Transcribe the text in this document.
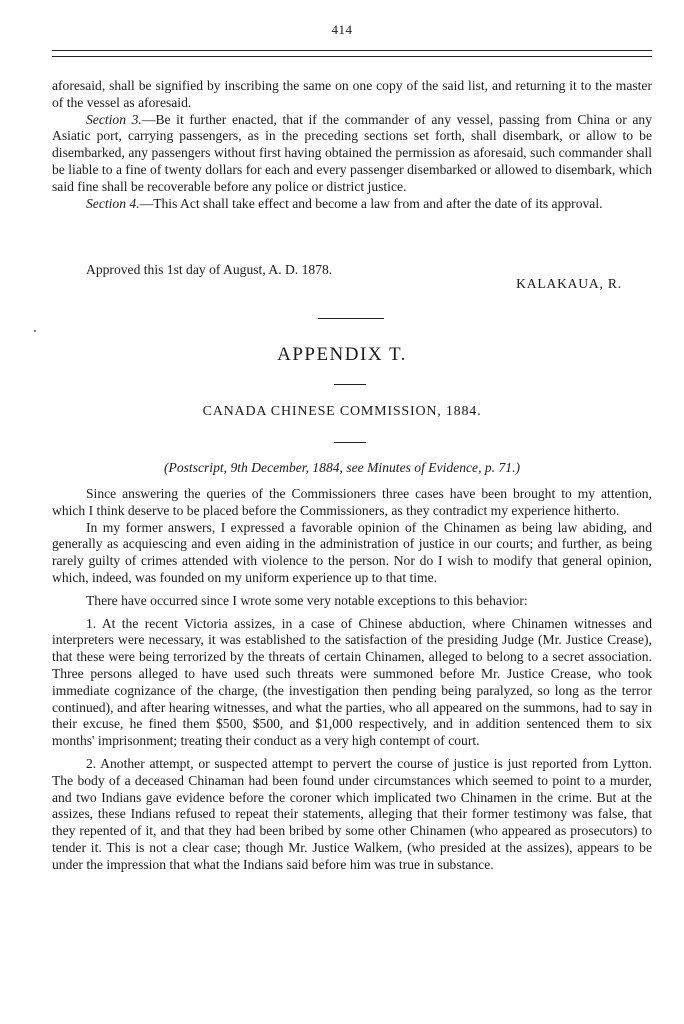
414

aforesaid, shall be signified by inscribing the same on one copy of the said list, and returning it to the master of the vessel as aforesaid.

Section 3.—Be it further enacted, that if the commander of any vessel, passing from China or any Asiatic port, carrying passengers, as in the preceding sections set forth, shall disembark, or allow to be disembarked, any passengers without first having obtained the permission as aforesaid, such commander shall be liable to a fine of twenty dollars for each and every passenger disembarked or allowed to disembark, which said fine shall be recoverable before any police or district justice.

Section 4.—This Act shall take effect and become a law from and after the date of its approval.

Approved this 1st day of August, A. D. 1878.
KALAKAUA, R.
APPENDIX T.
CANADA CHINESE COMMISSION, 1884.
(Postscript, 9th December, 1884, see Minutes of Evidence, p. 71.)

Since answering the queries of the Commissioners three cases have been brought to my attention, which I think deserve to be placed before the Commissioners, as they contradict my experience hitherto.

In my former answers, I expressed a favorable opinion of the Chinamen as being law abiding, and generally as acquiescing and even aiding in the administration of justice in our courts; and further, as being rarely guilty of crimes attended with violence to the person. Nor do I wish to modify that general opinion, which, indeed, was founded on my uniform experience up to that time.

There have occurred since I wrote some very notable exceptions to this behavior:

1. At the recent Victoria assizes, in a case of Chinese abduction, where Chinamen witnesses and interpreters were necessary, it was established to the satisfaction of the presiding Judge (Mr. Justice Crease), that these were being terrorized by the threats of certain Chinamen, alleged to belong to a secret association. Three persons alleged to have used such threats were summoned before Mr. Justice Crease, who took immediate cognizance of the charge, (the investigation then pending being paralyzed, so long as the terror continued), and after hearing witnesses, and what the parties, who all appeared on the summons, had to say in their excuse, he fined them $500, $500, and $1,000 respectively, and in addition sentenced them to six months' imprisonment; treating their conduct as a very high contempt of court.

2. Another attempt, or suspected attempt to pervert the course of justice is just reported from Lytton. The body of a deceased Chinaman had been found under circumstances which seemed to point to a murder, and two Indians gave evidence before the coroner which implicated two Chinamen in the crime. But at the assizes, these Indians refused to repeat their statements, alleging that their former testimony was false, that they repented of it, and that they had been bribed by some other Chinamen (who appeared as prosecutors) to tender it. This is not a clear case; though Mr. Justice Walkem, (who presided at the assizes), appears to be under the impression that what the Indians said before him was true in substance.
